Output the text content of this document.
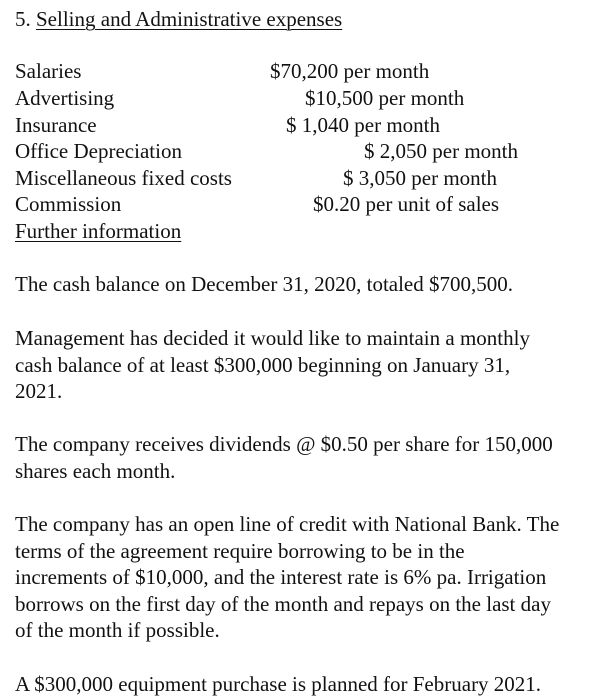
5. Selling and Administrative expenses
Salaries
Advertising
Insurance
Office Depreciation
Miscellaneous fixed costs
Commission
$70,200 per month
$10,500 per month
$ 1,040 per month
$ 2,050 per month
$ 3,050 per month
$0.20 per unit of sales
Further information
The cash balance on December 31, 2020, totaled $700,500.
Management has decided it would like to maintain a monthly
cash balance of at least $300,000 beginning on January 31,
2021.
The company receives dividends @ $0.50 per share for 150,000
shares each month.
The company has an open line of credit with National Bank. The
terms of the agreement require borrowing to be in the
increments of $10,000, and the interest rate is 6% pa. Irrigation
borrows on the first day of the month and repays on the last day
of the month if possible.
A $300,000 equipment purchase is planned for February 2021.
